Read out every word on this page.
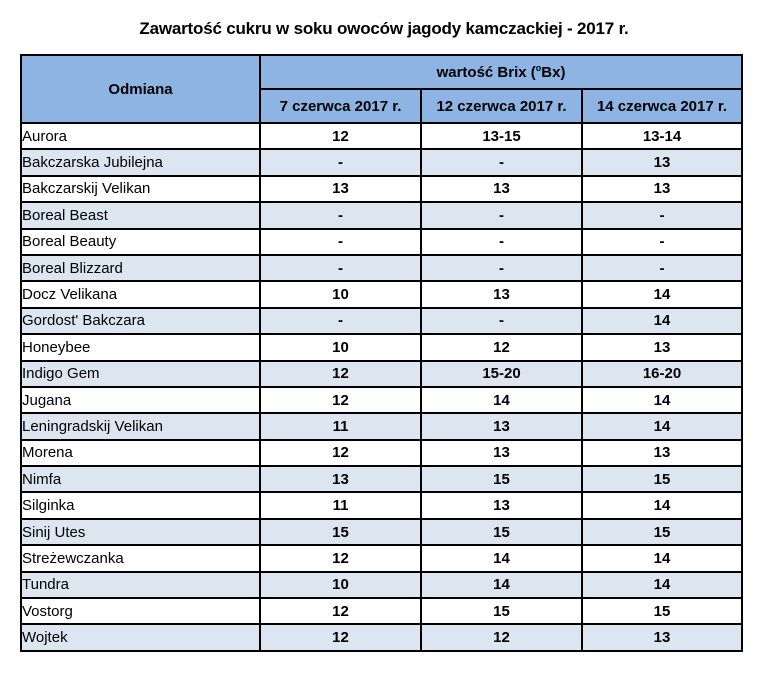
Zawartość cukru w soku owoców jagody kamczackiej - 2017 r.
Odmiana	wartość Brix ($^o$Bx)		
	7 czerwca 2017 r.	12 czerwca 2017 r.	14 czerwca 2017 r.
Aurora	12	13-15	13-14
Bakczarska Jubilejna	-	-	13
Bakczarskij Velikan	13	13	13
Boreal Beast	-	-	-
Boreal Beauty	-	-	-
Boreal Blizzard	-	-	-
Docz Velikana	10	13	14
Gordost' Bakczara	-	-	14
Honeybee	10	12	13
Indigo Gem	12	15-20	16-20
Jugana	12	14	14
Leningradskij Velikan	11	13	14
Morena	12	13	13
Nimfa	13	15	15
Silginka	11	13	14
Sinij Utes	15	15	15
Streżewczanka	12	14	14
Tundra	10	14	14
Vostorg	12	15	15
Wojtek	12	12	13
